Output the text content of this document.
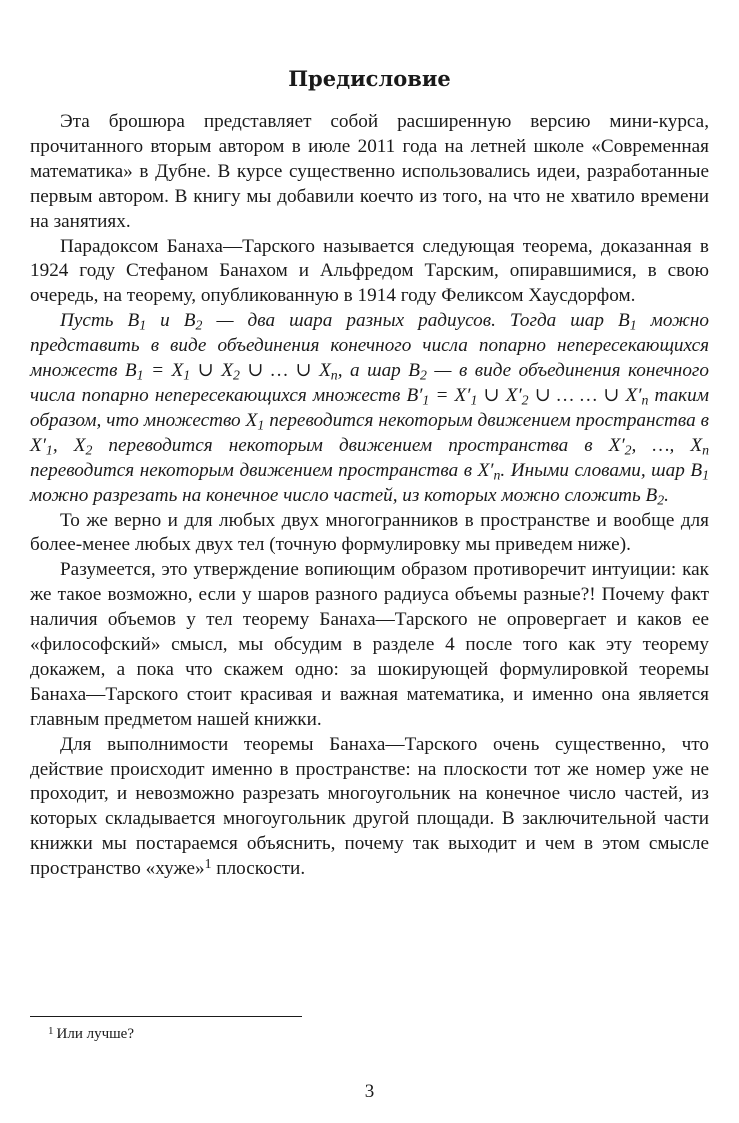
Предисловие

Эта брошюра представляет собой расширенную версию мини-курса, прочитанного вторым автором в июле 2011 года на летней школе «Современная математика» в Дубне. В курсе существенно использовались идеи, разработанные первым автором. В книгу мы добавили коечто из того, на что не хватило времени на занятиях.

Парадоксом Банаха—Тарского называется следующая теорема, доказанная в 1924 году Стефаном Банахом и Альфредом Тарским, опиравшимися, в свою очередь, на теорему, опубликованную в 1914 году Феликсом Хаусдорфом.

Пусть $B_1$ и $B_2$ — два шара разных радиусов. Тогда шар $B_1$ можно представить в виде объединения конечного числа попарно непересекающихся множеств $B_1 = X_1$ ∪ $X_2$ ∪ … ∪ $X_n$, а шар $B_2$ — в виде объединения конечного числа попарно непересекающихся множеств $B'_1 = X'_1$ ∪ $X'_2$ ∪ … … ∪ $X'_n$ таким образом, что множество $X_1$ переводится некоторым движением пространства в $X'_1$, $X_2$ переводится некоторым движением пространства в $X'_2$, …, $X_n$ переводится некоторым движением пространства в $X'_n$. Иными словами, шар $B_1$ можно разрезать на конечное число частей, из которых можно сложить $B_2$.

То же верно и для любых двух многогранников в пространстве и вообще для более-менее любых двух тел (точную формулировку мы приведем ниже).

Разумеется, это утверждение вопиющим образом противоречит интуиции: как же такое возможно, если у шаров разного радиуса объемы разные?! Почему факт наличия объемов у тел теорему Банаха—Тарского не опровергает и каков ее «философский» смысл, мы обсудим в разделе 4 после того как эту теорему докажем, а пока что скажем одно: за шокирующей формулировкой теоремы Банаха—Тарского стоит красивая и важная математика, и именно она является главным предметом нашей книжки.

Для выполнимости теоремы Банаха—Тарского очень существенно, что действие происходит именно в пространстве: на плоскости тот же номер уже не проходит, и невозможно разрезать многоугольник на конечное число частей, из которых складывается многоугольник другой площади. В заключительной части книжки мы постараемся объяснить, почему так выходит и чем в этом смысле пространство «хуже»$^1$ плоскости.

$^1$ Или лучше?
3
